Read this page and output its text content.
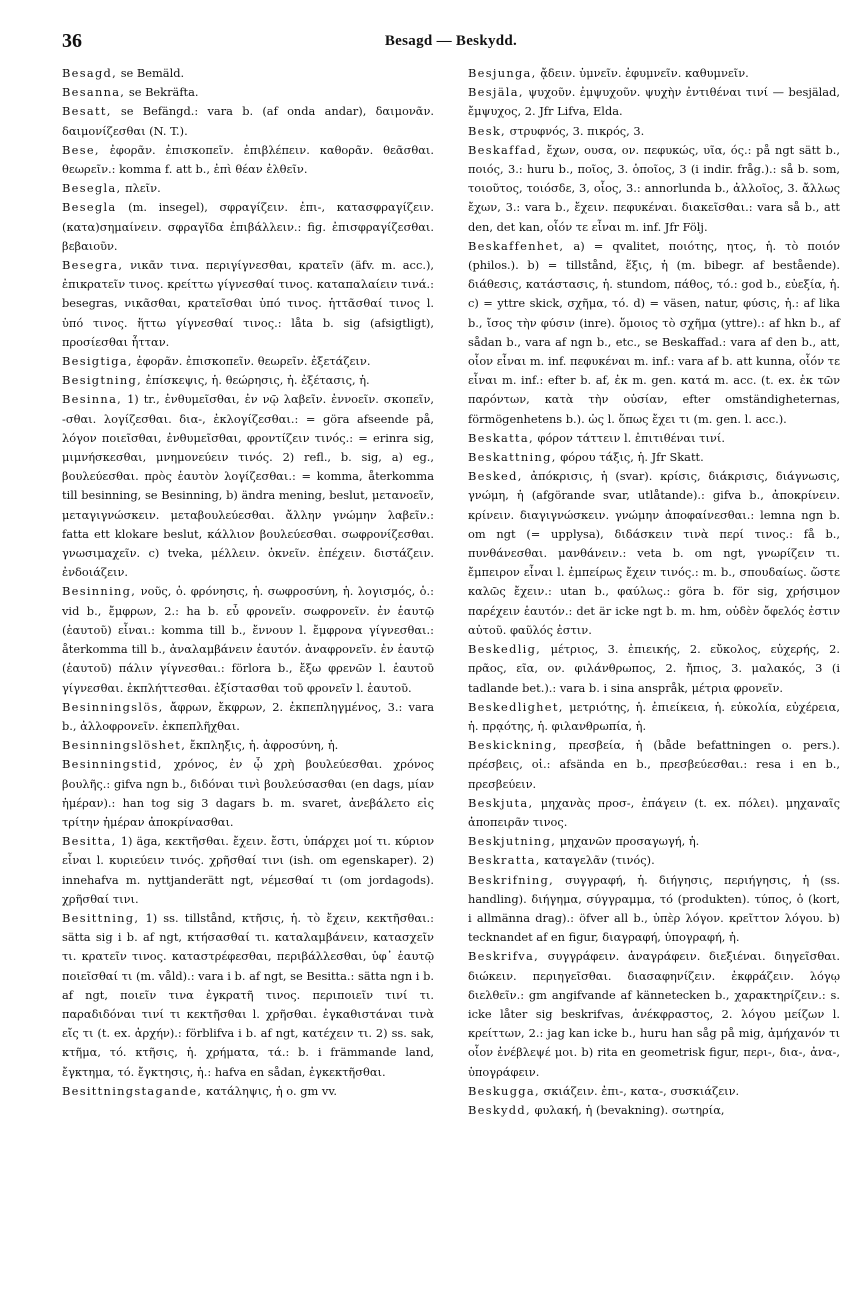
36	Besagd — Beskydd.

Besagd, se Bemäld.

Besanna, se Bekräfta.

Besatt, se Befängd.: vara b. (af onda andar), δαιμονᾶν. δαιμονίζεσθαι (N. T.).

Bese, ἐφορᾶν. ἐπισκοπεῖν. ἐπιβλέπειν. καθορᾶν. θεᾶσθαι. θεωρεῖν.: komma f. att b., ἐπὶ θέαν ἐλθεῖν.

Besegla, πλεῖν.

Besegla (m. insegel), σφραγίζειν. ἐπι-, κατασφραγίζειν. (κατα)σημαίνειν. σφραγῖδα ἐπιβάλλειν.: fig. ἐπισφραγίζεσθαι. βεβαιοῦν.

Besegra, νικᾶν τινα. περιγίγνεσθαι, κρατεῖν (äfv. m. acc.), ἐπικρατεῖν τινος. κρείττω γίγνεσθαί τινος. καταπαλαίειν τινά.: besegras, νικᾶσθαι, κρατεῖσθαι ὑπό τινος. ἡττᾶσθαί τινος l. ὑπό τινος. ἥττω γίγνεσθαί τινος.: låta b. sig (afsigtligt), προσίεσθαι ἧτταν.

Besigtiga, ἐφορᾶν. ἐπισκοπεῖν. θεωρεῖν. ἐξετάζειν.

Besigtning, ἐπίσκεψις, ἡ. θεώρησις, ἡ. ἐξέτασις, ἡ.

Besinna, 1) tr., ἐνθυμεῖσθαι, ἐν νῷ λαβεῖν. ἐννοεῖν. σκοπεῖν, -σθαι. λογίζεσθαι. δια-, ἐκλογίζεσθαι.: = göra afseende på, λόγον ποιεῖσθαι, ἐνθυμεῖσθαι, φροντίζειν τινός.: = erinra sig, μιμνήσκεσθαι, μνημονεύειν τινός. 2) refl., b. sig, a) eg., βουλεύεσθαι. πρὸς ἑαυτὸν λογίζεσθαι.: = komma, återkomma till besinning, se Besinning, b) ändra mening, beslut, μετανοεῖν, μεταγιγνώσκειν. μεταβουλεύεσθαι. ἄλλην γνώμην λαβεῖν.: fatta ett klokare beslut, κάλλιον βουλεύεσθαι. σωφρονίζεσθαι. γνωσιμαχεῖν. c) tveka, μέλλειν. ὀκνεῖν. ἐπέχειν. διστάζειν. ἐνδοιάζειν.

Besinning, νοῦς, ὁ. φρόνησις, ἡ. σωφροσύνη, ἡ. λογισμός, ὁ.: vid b., ἔμφρων, 2.: ha b. εὖ φρονεῖν. σωφρονεῖν. ἐν ἑαυτῷ (ἑαυτοῦ) εἶναι.: komma till b., ἔννουν l. ἔμφρονα γίγνεσθαι.: återkomma till b., ἀναλαμβάνειν ἑαυτόν. ἀναφρονεῖν. ἐν ἑαυτῷ (ἑαυτοῦ) πάλιν γίγνεσθαι.: förlora b., ἔξω φρενῶν l. ἑαυτοῦ γίγνεσθαι. ἐκπλήττεσθαι. ἐξίστασθαι τοῦ φρονεῖν l. ἑαυτοῦ.

Besinningslös, ἄφρων, ἔκφρων, 2. ἐκπεπληγμένος, 3.: vara b., ἀλλοφρονεῖν. ἐκπεπλῆχθαι.

Besinningslöshet, ἔκπληξις, ἡ. ἀφροσύνη, ἡ.

Besinningstid, χρόνος, ἐν ᾧ χρὴ βουλεύεσθαι. χρόνος βουλῆς.: gifva ngn b., διδόναι τινὶ βουλεύσασθαι (en dags, μίαν ἡμέραν).: han tog sig 3 dagars b. m. svaret, ἀνεβάλετο εἰς τρίτην ἡμέραν ἀποκρίνασθαι.

Besitta, 1) äga, κεκτῆσθαι. ἔχειν. ἔστι, ὑπάρχει μοί τι. κύριον εἶναι l. κυριεύειν τινός. χρῆσθαί τινι (ish. om egenskaper). 2) innehafva m. nyttjanderätt ngt, νέμεσθαί τι (om jordagods). χρῆσθαί τινι.

Besittning, 1) ss. tillstånd, κτῆσις, ἡ. τὸ ἔχειν, κεκτῆσθαι.: sätta sig i b. af ngt, κτήσασθαί τι. καταλαμβάνειν, κατασχεῖν τι. κρατεῖν τινος. καταστρέφεσθαι, περιβάλλεσθαι, ὑφ᾽ ἑαυτῷ ποιεῖσθαί τι (m. våld).: vara i b. af ngt, se Besitta.: sätta ngn i b. af ngt, ποιεῖν τινα ἐγκρατῆ τινος. περιποιεῖν τινί τι. παραδιδόναι τινί τι κεκτῆσθαι l. χρῆσθαι. ἐγκαθιστάναι τινὰ εἴς τι (t. ex. ἀρχήν).: förblifva i b. af ngt, κατέχειν τι. 2) ss. sak, κτῆμα, τό. κτῆσις, ἡ. χρήματα, τά.: b. i främmande land, ἔγκτημα, τό. ἔγκτησις, ἡ.: hafva en sådan, ἐγκεκτῆσθαι.

Besittningstagande, κατάληψις, ἡ o. gm vv.

Besjunga, ᾄδειν. ὑμνεῖν. ἐφυμνεῖν. καθυμνεῖν.

Besjäla, ψυχοῦν. ἐμψυχοῦν. ψυχὴν ἐντιθέναι τινί — besjälad, ἔμψυχος, 2. Jfr Lifva, Elda.

Besk, στρυφνός, 3. πικρός, 3.

Beskaffad, ἔχων, ουσα, ον. πεφυκώς, υῖα, ός.: på ngt sätt b., ποιός, 3.: huru b., ποῖος, 3. ὁποῖος, 3 (i indir. fråg.).: så b. som, τοιοῦτος, τοιόσδε, 3, οἷος, 3.: annorlunda b., ἀλλοῖος, 3. ἄλλως ἔχων, 3.: vara b., ἔχειν. πεφυκέναι. διακεῖσθαι.: vara så b., att den, det kan, οἷόν τε εἶναι m. inf. Jfr Följ.

Beskaffenhet, a) = qvalitet, ποιότης, ητος, ἡ. τὸ ποιόν (philos.). b) = tillstånd, ἕξις, ἡ (m. bibegr. af bestående). διάθεσις, κατάστασις, ἡ. stundom, πάθος, τό.: god b., εὐεξία, ἡ. c) = yttre skick, σχῆμα, τό. d) = väsen, natur, φύσις, ἡ.: af lika b., ἴσος τὴν φύσιν (inre). ὅμοιος τὸ σχῆμα (yttre).: af hkn b., af sådan b., vara af ngn b., etc., se Beskaffad.: vara af den b., att, οἷον εἶναι m. inf. πεφυκέναι m. inf.: vara af b. att kunna, οἷόν τε εἶναι m. inf.: efter b. af, ἐκ m. gen. κατά m. acc. (t. ex. ἐκ τῶν παρόντων, κατὰ τὴν οὐσίαν, efter omständigheternas, förmögenhetens b.). ὡς l. ὅπως ἔχει τι (m. gen. l. acc.).

Beskatta, φόρον τάττειν l. ἐπιτιθέναι τινί.

Beskattning, φόρου τάξις, ἡ. Jfr Skatt.

Besked, ἀπόκρισις, ἡ (svar). κρίσις, διάκρισις, διάγνωσις, γνώμη, ἡ (afgörande svar, utlåtande).: gifva b., ἀποκρίνειν. κρίνειν. διαγιγνώσκειν. γνώμην ἀποφαίνεσθαι.: lemna ngn b. om ngt (= upplysa), διδάσκειν τινὰ περί τινος.: få b., πυνθάνεσθαι. μανθάνειν.: veta b. om ngt, γνωρίζειν τι. ἔμπειρον εἶναι l. ἐμπείρως ἔχειν τινός.: m. b., σπουδαίως. ὥστε καλῶς ἔχειν.: utan b., φαύλως.: göra b. för sig, χρήσιμον παρέχειν ἑαυτόν.: det är icke ngt b. m. hm, οὐδὲν ὄφελός ἐστιν αὐτοῦ. φαῦλός ἐστιν.

Beskedlig, μέτριος, 3. ἐπιεικής, 2. εὔκολος, εὐχερής, 2. πρᾶος, εῖα, ον. φιλάνθρωπος, 2. ἤπιος, 3. μαλακός, 3 (i tadlande bet.).: vara b. i sina anspråk, μέτρια φρονεῖν.

Beskedlighet, μετριότης, ἡ. ἐπιείκεια, ἡ. εὐκολία, εὐχέρεια, ἡ. πρᾳότης, ἡ. φιλανθρωπία, ἡ.

Beskickning, πρεσβεία, ἡ (både befattningen o. pers.). πρέσβεις, οἱ.: afsända en b., πρεσβεύεσθαι.: resa i en b., πρεσβεύειν.

Beskjuta, μηχανὰς προσ-, ἐπάγειν (t. ex. πόλει). μηχαναῖς ἀποπειρᾶν τινος.

Beskjutning, μηχανῶν προσαγωγή, ἡ.

Beskratta, καταγελᾶν (τινός).

Beskrifning, συγγραφή, ἡ. διήγησις, περιήγησις, ἡ (ss. handling). διήγημα, σύγγραμμα, τό (produkten). τύπος, ὁ (kort, i allmänna drag).: öfver all b., ὑπὲρ λόγον. κρεῖττον λόγου. b) tecknandet af en figur, διαγραφή, ὑπογραφή, ἡ.

Beskrifva, συγγράφειν. ἀναγράφειν. διεξιέναι. διηγεῖσθαι. διώκειν. περιηγεῖσθαι. διασαφηνίζειν. ἐκφράζειν. λόγῳ διελθεῖν.: gm angifvande af kännetecken b., χαρακτηρίζειν.: s. icke låter sig beskrifvas, ἀνέκφραστος, 2. λόγου μείζων l. κρείττων, 2.: jag kan icke b., huru han såg på mig, ἀμήχανόν τι οἷον ἐνέβλεψέ μοι. b) rita en geometrisk figur, περι-, δια-, ἀνα-, ὑπογράφειν.

Beskugga, σκιάζειν. ἐπι-, κατα-, συσκιάζειν.

Beskydd, φυλακή, ἡ (bevakning). σωτηρία,
